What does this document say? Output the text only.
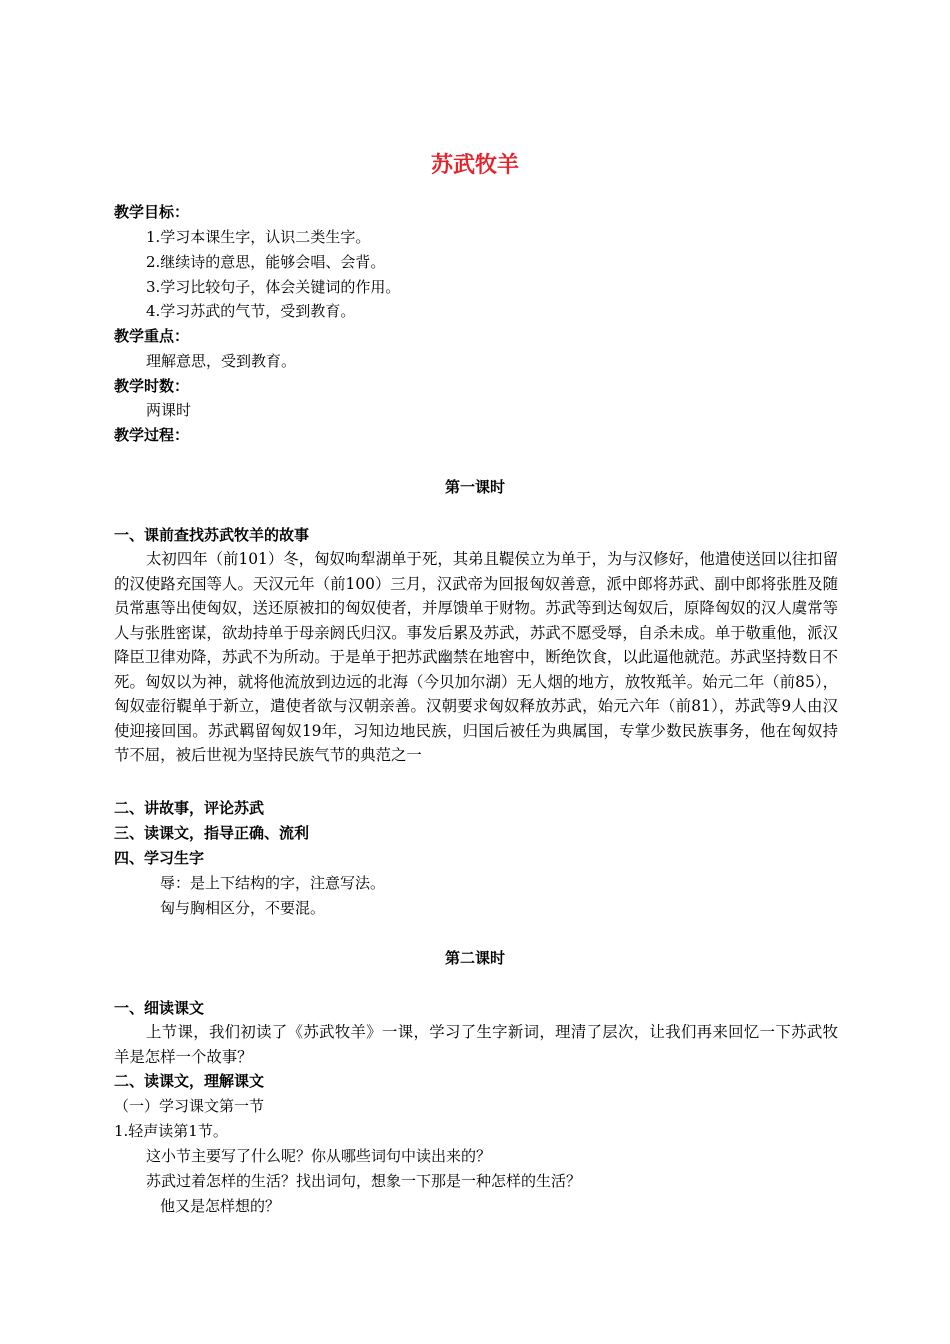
苏武牧羊
教学目标：
1.学习本课生字，认识二类生字。
2.继续诗的意思，能够会唱、会背。
3.学习比较句子，体会关键词的作用。
4.学习苏武的气节，受到教育。
教学重点：
理解意思，受到教育。
教学时数：
两课时
教学过程：
第一课时
一、课前查找苏武牧羊的故事
太初四年（前101）冬，匈奴呴犁湖单于死，其弟且鞮侯立为单于，为与汉修好，他遣使送回以往扣留的汉使路充国等人。天汉元年（前100）三月，汉武帝为回报匈奴善意，派中郎将苏武、副中郎将张胜及随员常惠等出使匈奴，送还原被扣的匈奴使者，并厚馈单于财物。苏武等到达匈奴后，原降匈奴的汉人虞常等人与张胜密谋，欲劫持单于母亲阏氏归汉。事发后累及苏武，苏武不愿受辱，自杀未成。单于敬重他，派汉降臣卫律劝降，苏武不为所动。于是单于把苏武幽禁在地窖中，断绝饮食，以此逼他就范。苏武坚持数日不死。匈奴以为神，就将他流放到边远的北海（今贝加尔湖）无人烟的地方，放牧羝羊。始元二年（前85），匈奴壶衍鞮单于新立，遣使者欲与汉朝亲善。汉朝要求匈奴释放苏武，始元六年（前81），苏武等9人由汉使迎接回国。苏武羁留匈奴19年，习知边地民族，归国后被任为典属国，专掌少数民族事务，他在匈奴持节不屈，被后世视为坚持民族气节的典范之一
二、讲故事，评论苏武
三、读课文，指导正确、流利
四、学习生字
辱：是上下结构的字，注意写法。
匈与胸相区分，不要混。
第二课时
一、细读课文
上节课，我们初读了《苏武牧羊》一课，学习了生字新词，理清了层次，让我们再来回忆一下苏武牧羊是怎样一个故事？
二、读课文，理解课文
（一）学习课文第一节
1.轻声读第1节。
这小节主要写了什么呢？你从哪些词句中读出来的？
苏武过着怎样的生活？找出词句，想象一下那是一种怎样的生活？
他又是怎样想的？
